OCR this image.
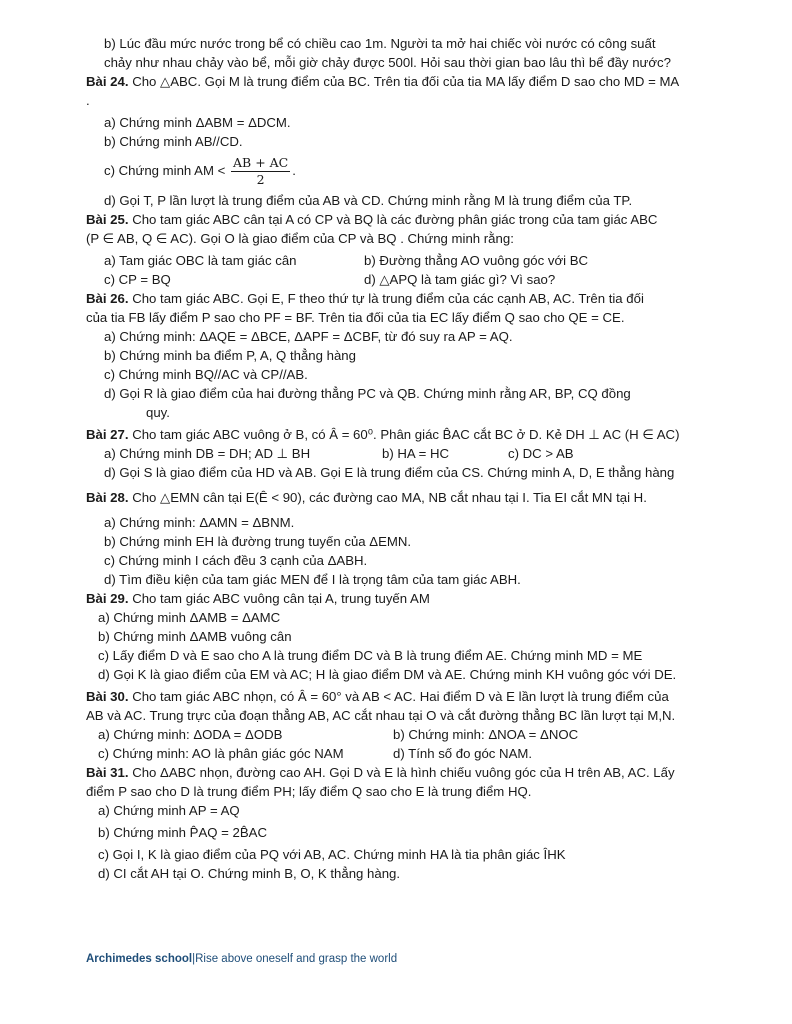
b) Lúc đầu mức nước trong bể có chiều cao 1m. Người ta mở hai chiếc vòi nước có công suất

chảy như nhau chảy vào bể, mỗi giờ chảy được 500l. Hỏi sau thời gian bao lâu thì bể đầy nước?

Bài 24. Cho △ABC. Gọi M là trung điểm của BC. Trên tia đối của tia MA lấy điểm D sao cho MD = MA

.

a) Chứng minh ΔABM = ΔDCM.

b) Chứng minh AB//CD.

c) Chứng minh AM < $\frac{AB + AC}{2}$ .

d) Gọi T, P lần lượt là trung điểm của AB và CD. Chứng minh rằng M là trung điểm của TP.

Bài 25. Cho tam giác ABC cân tại A có CP và BQ là các đường phân giác trong của tam giác ABC

(P ∈ AB, Q ∈ AC). Gọi O là giao điểm của CP và BQ . Chứng minh rằng:

a) Tam giác OBC là tam giác cân	b) Đường thẳng AO vuông góc với BC

c) CP = BQ	d) △APQ là tam giác gì? Vì sao?

Bài 26. Cho tam giác ABC. Gọi E, F theo thứ tự là trung điểm của các cạnh AB, AC. Trên tia đối

của tia FB lấy điểm P sao cho PF = BF. Trên tia đối của tia EC lấy điểm Q sao cho QE = CE.

a) Chứng minh: ΔAQE = ΔBCE, ΔAPF = ΔCBF, từ đó suy ra AP = AQ.

b) Chứng minh ba điểm P, A, Q thẳng hàng

c) Chứng minh BQ//AC và CP//AB.

d) Gọi R là giao điểm của hai đường thẳng PC và QB. Chứng minh rằng AR, BP, CQ đồng

quy.

Bài 27. Cho tam giác ABC vuông ở B, có Â = 60⁰. Phân giác B̂AC cắt BC ở D. Kẻ DH ⊥ AC (H ∈ AC)

a) Chứng minh DB = DH; AD ⊥ BH	b) HA = HC	c) DC > AB

d) Gọi S là giao điểm của HD và AB. Gọi E là trung điểm của CS. Chứng minh A, D, E thẳng hàng

Bài 28. Cho △EMN cân tại E(Ê < 90), các đường cao MA, NB cắt nhau tại I. Tia EI cắt MN tại H.

a) Chứng minh: ΔAMN = ΔBNM.

b) Chứng minh EH là đường trung tuyến của ΔEMN.

c) Chứng minh I cách đều 3 cạnh của ΔABH.

d) Tìm điều kiện của tam giác MEN để I là trọng tâm của tam giác ABH.

Bài 29. Cho tam giác ABC vuông cân tại A, trung tuyến AM

a) Chứng minh ΔAMB = ΔAMC

b) Chứng minh ΔAMB vuông cân

c) Lấy điểm D và E sao cho A là trung điểm DC và B là trung điểm AE. Chứng minh MD = ME

d) Gọi K là giao điểm của EM và AC; H là giao điểm DM và AE. Chứng minh KH vuông góc với DE.

Bài 30. Cho tam giác ABC nhọn, có Â = 60° và AB < AC. Hai điểm D và E lần lượt là trung điểm của

AB và AC. Trung trực của đoạn thẳng AB, AC cắt nhau tại O và cắt đường thẳng BC lần lượt tại M,N.

a) Chứng minh: ΔODA = ΔODB	b) Chứng minh: ΔNOA = ΔNOC

c) Chứng minh: AO là phân giác góc NAM	d) Tính số đo góc NAM.

Bài 31. Cho ΔABC nhọn, đường cao AH. Gọi D và E là hình chiếu vuông góc của H trên AB, AC. Lấy

điểm P sao cho D là trung điểm PH; lấy điểm Q sao cho E là trung điểm HQ.

a) Chứng minh AP = AQ

b) Chứng minh P̂AQ = 2B̂AC

c) Gọi I, K là giao điểm của PQ với AB, AC. Chứng minh HA là tia phân giác ÎHK

d) CI cắt AH tại O. Chứng minh B, O, K thẳng hàng.

Archimedes school|Rise above oneself and grasp the world
